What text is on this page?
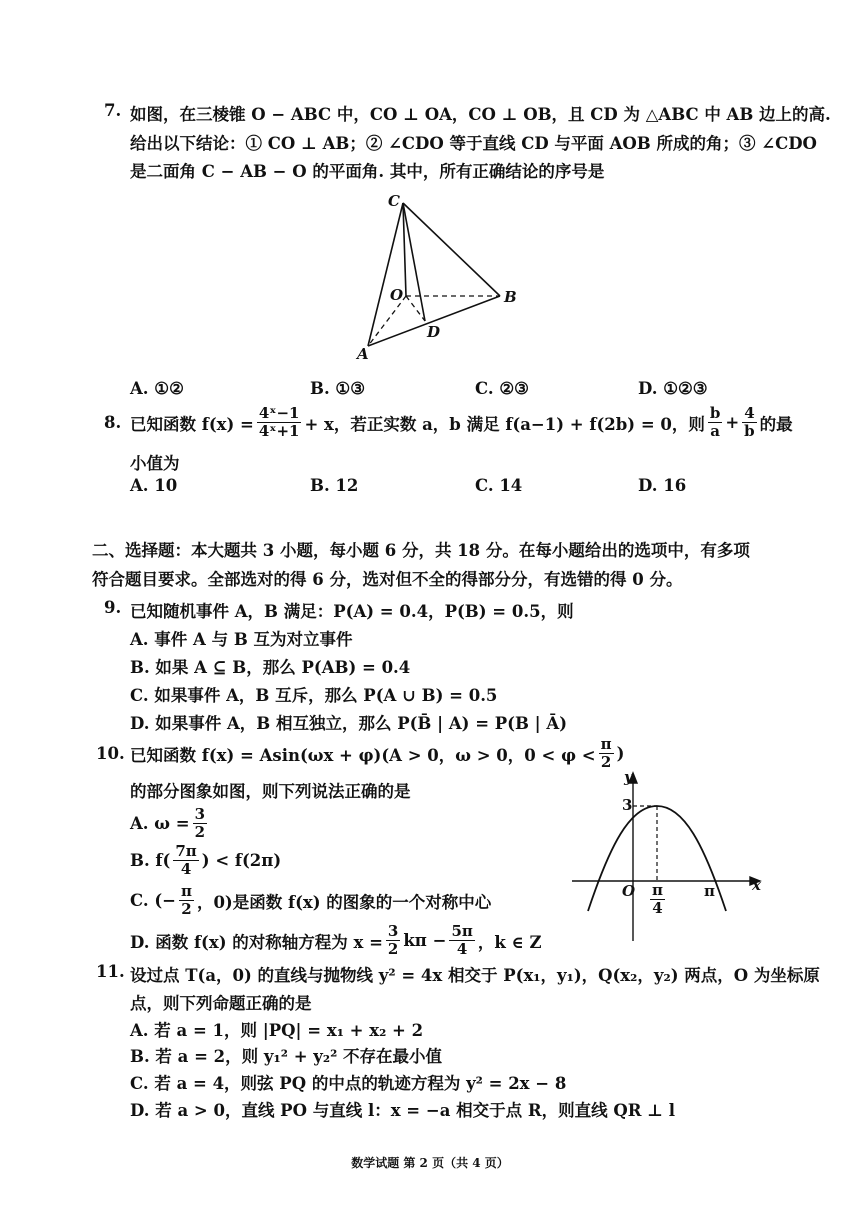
7. 如图，在三棱锥 O − ABC 中，CO ⊥ OA，CO ⊥ OB，且 CD 为 △ABC 中 AB 边上的高.
给出以下结论：① CO ⊥ AB；② ∠CDO 等于直线 CD 与平面 AOB 所成的角；③ ∠CDO
是二面角 C − AB − O 的平面角. 其中，所有正确结论的序号是
C
O	B
A
D
A. ①②	B. ①③	C. ②③	D. ①②③
8. 已知函数 $f(x) = \frac{\text{4ˣ−1}}{\text{4ˣ+1}} + x$，若正实数 a，b 满足 f(a−1) + f(2b) = 0，则 $\frac{b}{a} + \frac{4}{b}$ 的最
小值为
A. 10	B. 12	C. 14	D. 16
二、选择题：本大题共 3 小题，每小题 6 分，共 18 分。在每小题给出的选项中，有多项
符合题目要求。全部选对的得 6 分，选对但不全的得部分分，有选错的得 0 分。
9. 已知随机事件 A，B 满足：P(A) = 0.4，P(B) = 0.5，则
A. 事件 A 与 B 互为对立事件
B. 如果 A ⊆ B，那么 P(AB) = 0.4
C. 如果事件 A，B 互斥，那么 P(A ∪ B) = 0.5
D. 如果事件 A，B 相互独立，那么 P(B̄ | A) = P(B | Ā)
10. 已知函数 f(x) = Asin(ωx + φ)(A > 0，ω > 0，$0 < \varphi < \frac{\pi}{2}$ )
的部分图象如图，则下列说法正确的是
A. $\omega = \frac{3}{2}$
B. $f( \frac{7\pi}{4}$ ) < f(2π)
C. (− $\frac{\pi}{2}$ ，0)是函数 f(x) 的图象的一个对称中心
D. 函数 f(x) 的对称轴方程为 $x = \frac{3}{2}$ $k\pi - \frac{5\pi}{4}$ ，k ∈ Z
y
x
3
O $\frac{\pi}{4}$	π
11. 设过点 T(a，0) 的直线与抛物线 y² = 4x 相交于 P(x₁，y₁)，Q(x₂，y₂) 两点，O 为坐标原
点，则下列命题正确的是
A. 若 a = 1，则 |PQ| = x₁ + x₂ + 2
B. 若 a = 2，则 y₁² + y₂² 不存在最小值
C. 若 a = 4，则弦 PQ 的中点的轨迹方程为 y² = 2x − 8
D. 若 a > 0，直线 PO 与直线 l：x = −a 相交于点 R，则直线 QR ⊥ l
数学试题 第 2 页（共 4 页）
